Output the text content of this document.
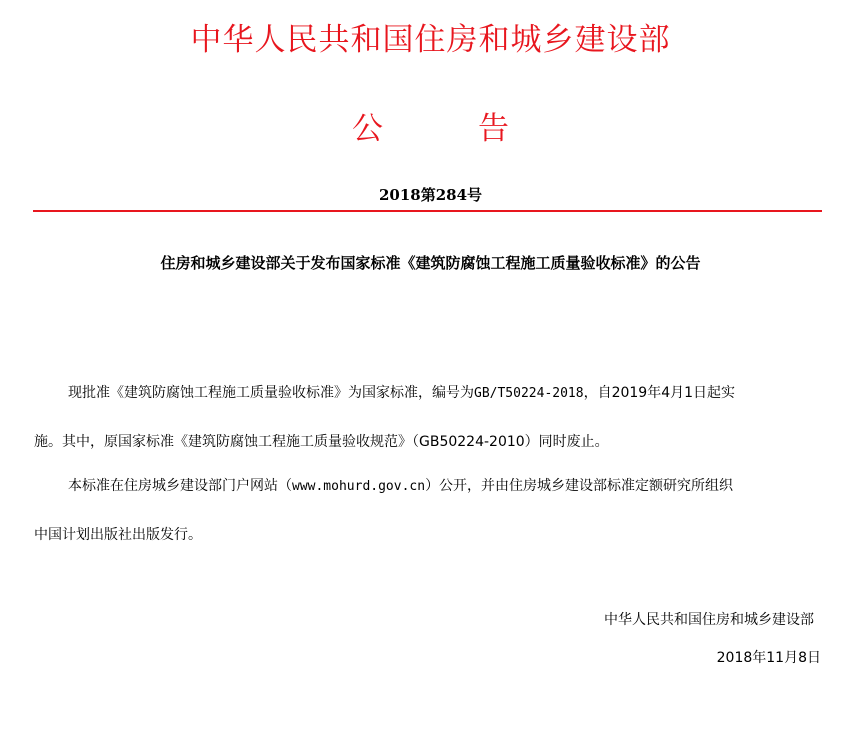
中华人民共和国住房和城乡建设部
公	告
2018第284号
住房和城乡建设部关于发布国家标准《建筑防腐蚀工程施工质量验收标准》的公告
现批准《建筑防腐蚀工程施工质量验收标准》为国家标准，编号为GB/T50224-2018，自2019年4月1日起实
施。其中，原国家标准《建筑防腐蚀工程施工质量验收规范》（GB50224-2010）同时废止。
本标准在住房城乡建设部门户网站（www.mohurd.gov.cn）公开，并由住房城乡建设部标准定额研究所组织
中国计划出版社出版发行。
中华人民共和国住房和城乡建设部
2018年11月8日
